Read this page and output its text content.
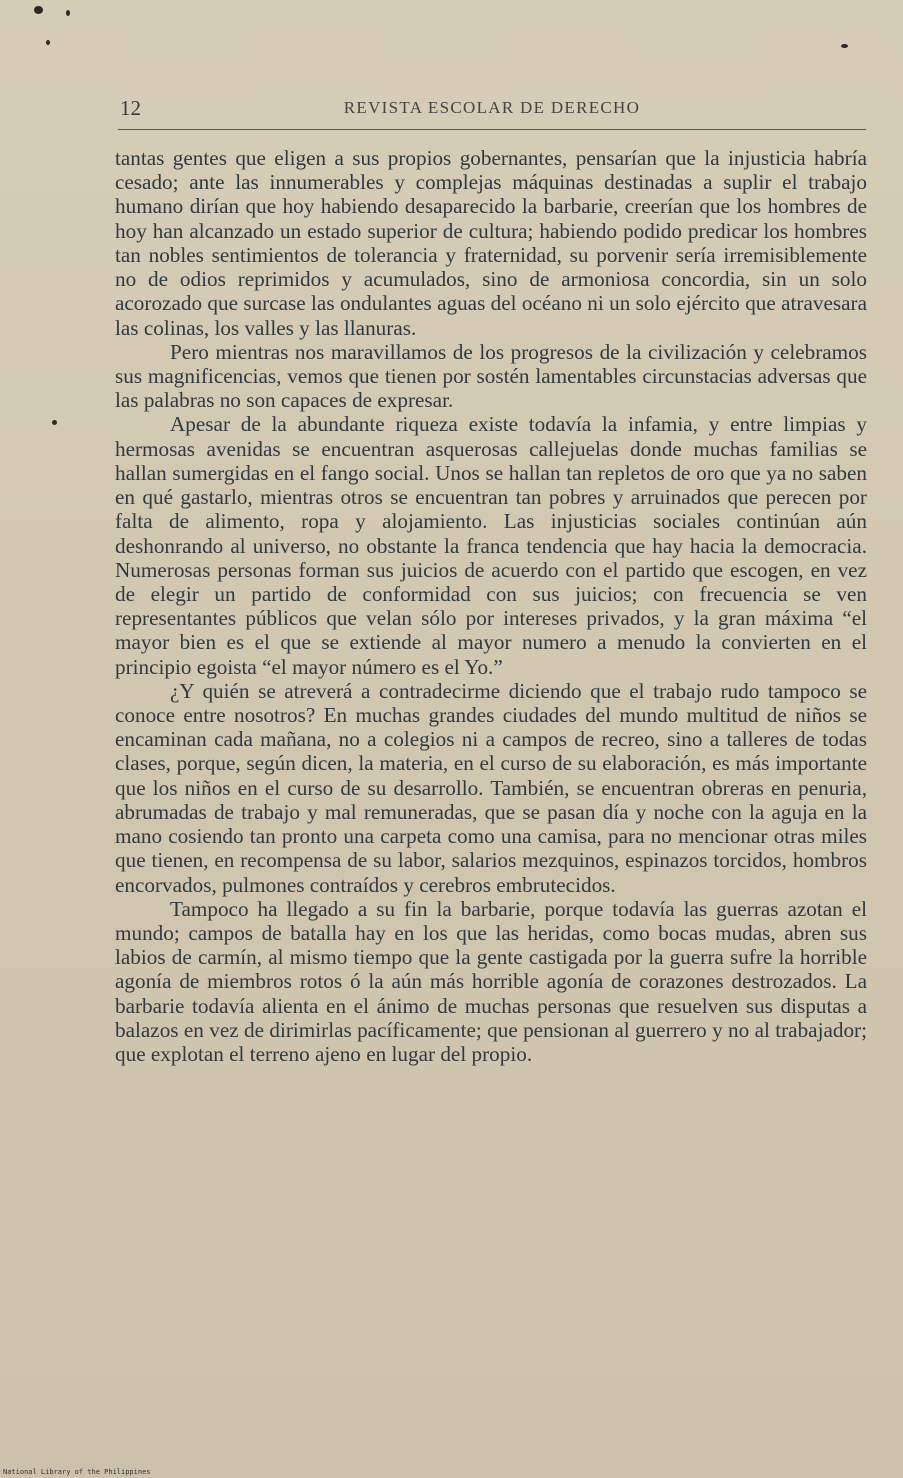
12	REVISTA ESCOLAR DE DERECHO

tantas gentes que eligen a sus propios gobernantes, pensarían que la injusticia habría cesado; ante las innumerables y complejas máquinas destinadas a suplir el trabajo humano dirían que hoy habiendo desaparecido la barbarie, creerían que los hombres de hoy han alcanzado un estado superior de cultura; habiendo podido predicar los hombres tan nobles sentimientos de tolerancia y fraternidad, su porvenir sería irremisiblemente no de odios reprimidos y acumulados, sino de armoniosa concordia, sin un solo acorozado que surcase las ondulantes aguas del océano ni un solo ejército que atravesara las colinas, los valles y las llanuras.

Pero mientras nos maravillamos de los progresos de la civilización y celebramos sus magnificencias, vemos que tienen por sostén lamentables circunstacias adversas que las palabras no son capaces de expresar.

Apesar de la abundante riqueza existe todavía la infamia, y entre limpias y hermosas avenidas se encuentran asquerosas callejuelas donde muchas familias se hallan sumergidas en el fango social. Unos se hallan tan repletos de oro que ya no saben en qué gastarlo, mientras otros se encuentran tan pobres y arruinados que perecen por falta de alimento, ropa y alojamiento. Las injusticias sociales continúan aún deshonrando al universo, no obstante la franca tendencia que hay hacia la democracia. Numerosas personas forman sus juicios de acuerdo con el partido que escogen, en vez de elegir un partido de conformidad con sus juicios; con frecuencia se ven representantes públicos que velan sólo por intereses privados, y la gran máxima “el mayor bien es el que se extiende al mayor numero a menudo la convierten en el principio egoista “el mayor número es el Yo.”

¿Y quién se atreverá a contradecirme diciendo que el trabajo rudo tampoco se conoce entre nosotros? En muchas grandes ciudades del mundo multitud de niños se encaminan cada mañana, no a colegios ni a campos de recreo, sino a talleres de todas clases, porque, según dicen, la materia, en el curso de su elaboración, es más importante que los niños en el curso de su desarrollo. También, se encuentran obreras en penuria, abrumadas de trabajo y mal remuneradas, que se pasan día y noche con la aguja en la mano cosiendo tan pronto una carpeta como una camisa, para no mencionar otras miles que tienen, en recompensa de su labor, salarios mezquinos, espinazos torcidos, hombros encorvados, pulmones contraídos y cerebros embrutecidos.

Tampoco ha llegado a su fin la barbarie, porque todavía las guerras azotan el mundo; campos de batalla hay en los que las heridas, como bocas mudas, abren sus labios de carmín, al mismo tiempo que la gente castigada por la guerra sufre la horrible agonía de miembros rotos ó la aún más horrible agonía de corazones destrozados. La barbarie todavía alienta en el ánimo de muchas personas que resuelven sus disputas a balazos en vez de dirimirlas pacíficamente; que pensionan al guerrero y no al trabajador; que explotan el terreno ajeno en lugar del propio.

National Library of the Philippines
